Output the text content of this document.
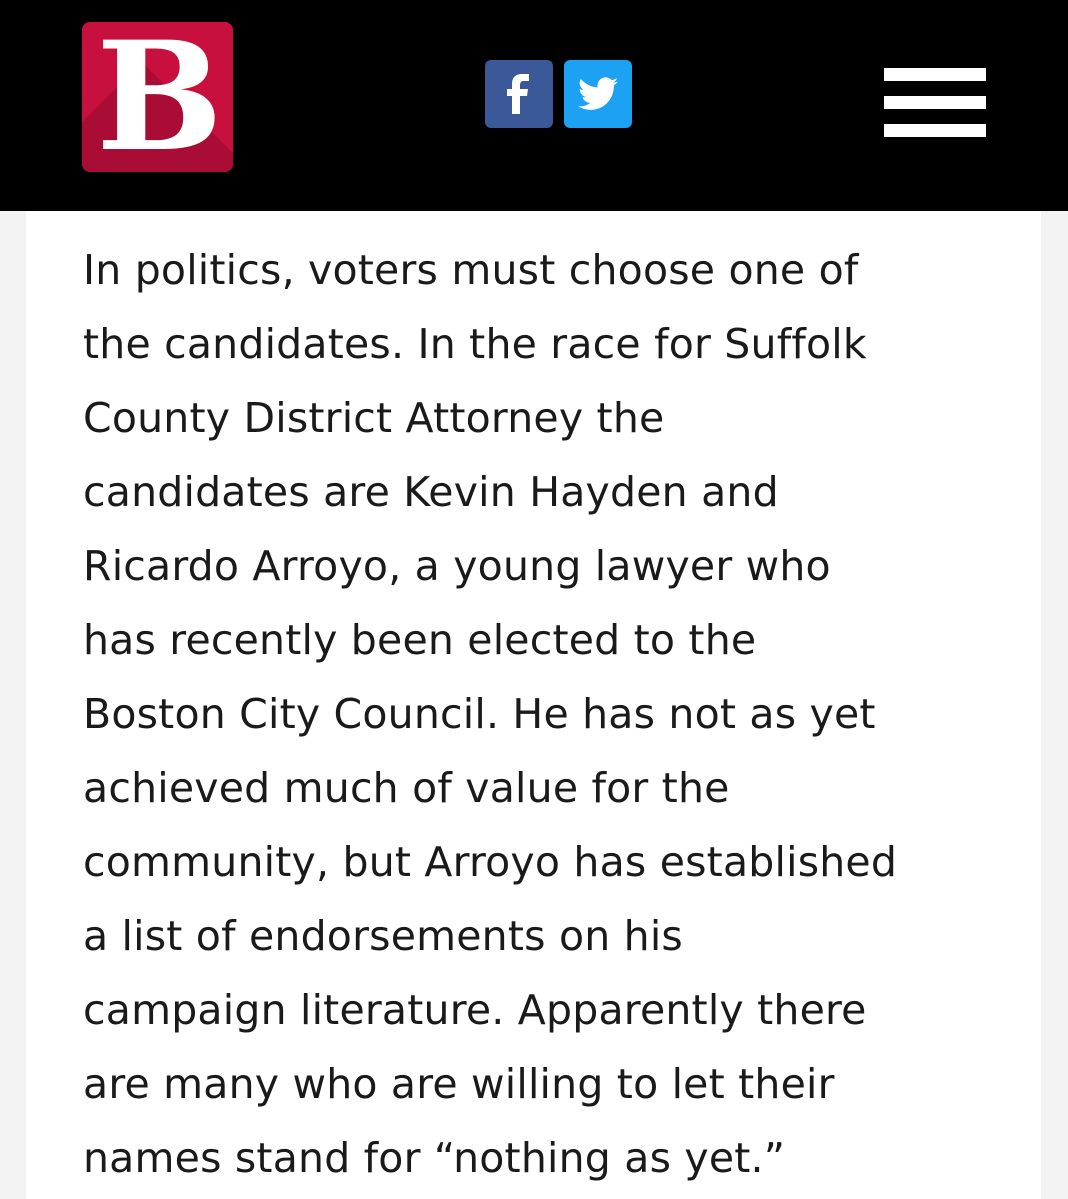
B

In politics, voters must choose one of
the candidates. In the race for Suffolk
County District Attorney the
candidates are Kevin Hayden and
Ricardo Arroyo, a young lawyer who
has recently been elected to the
Boston City Council. He has not as yet
achieved much of value for the
community, but Arroyo has established
a list of endorsements on his
campaign literature. Apparently there
are many who are willing to let their
names stand for “nothing as yet.”
